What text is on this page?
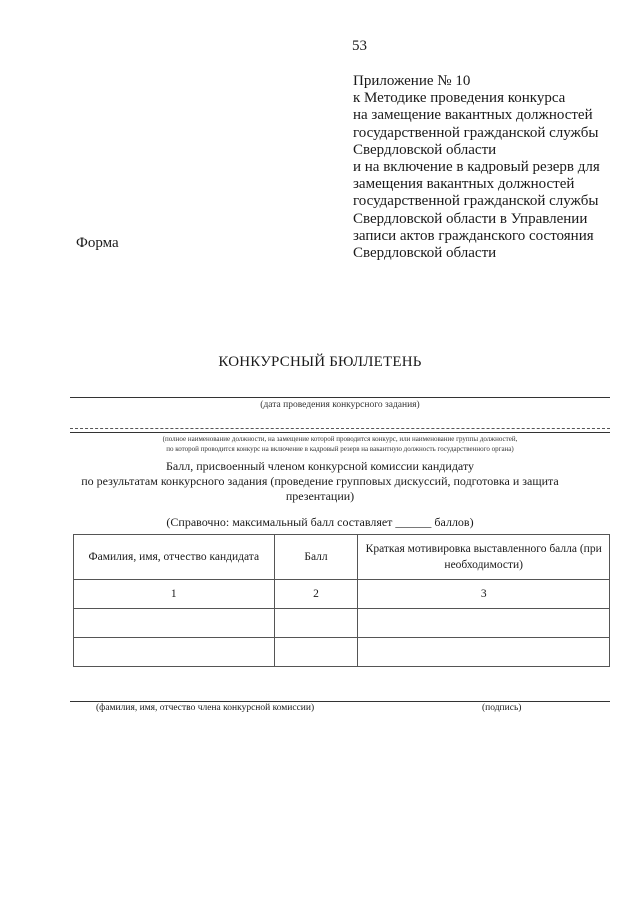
53
Приложение № 10
к Методике проведения конкурса
на замещение вакантных должностей
государственной гражданской службы
Свердловской области
и на включение в кадровый резерв для
замещения вакантных должностей
государственной гражданской службы
Свердловской области в Управлении
записи актов гражданского состояния
Свердловской области
Форма
КОНКУРСНЫЙ БЮЛЛЕТЕНЬ
(дата проведения конкурсного задания)
(полное наименование должности, на замещение которой проводится конкурс, или наименование группы должностей,
по которой проводится конкурс на включение в кадровый резерв на вакантную должность государственного органа)
Балл, присвоенный членом конкурсной комиссии кандидату
по результатам конкурсного задания (проведение групповых дискуссий, подготовка и защита
презентации)
(Справочно: максимальный балл составляет ______ баллов)
Фамилия, имя, отчество кандидата	Балл	Краткая мотивировка выставленного балла (при необходимости)
1	2	3

(фамилия, имя, отчество члена конкурсной комиссии)	(подпись)
